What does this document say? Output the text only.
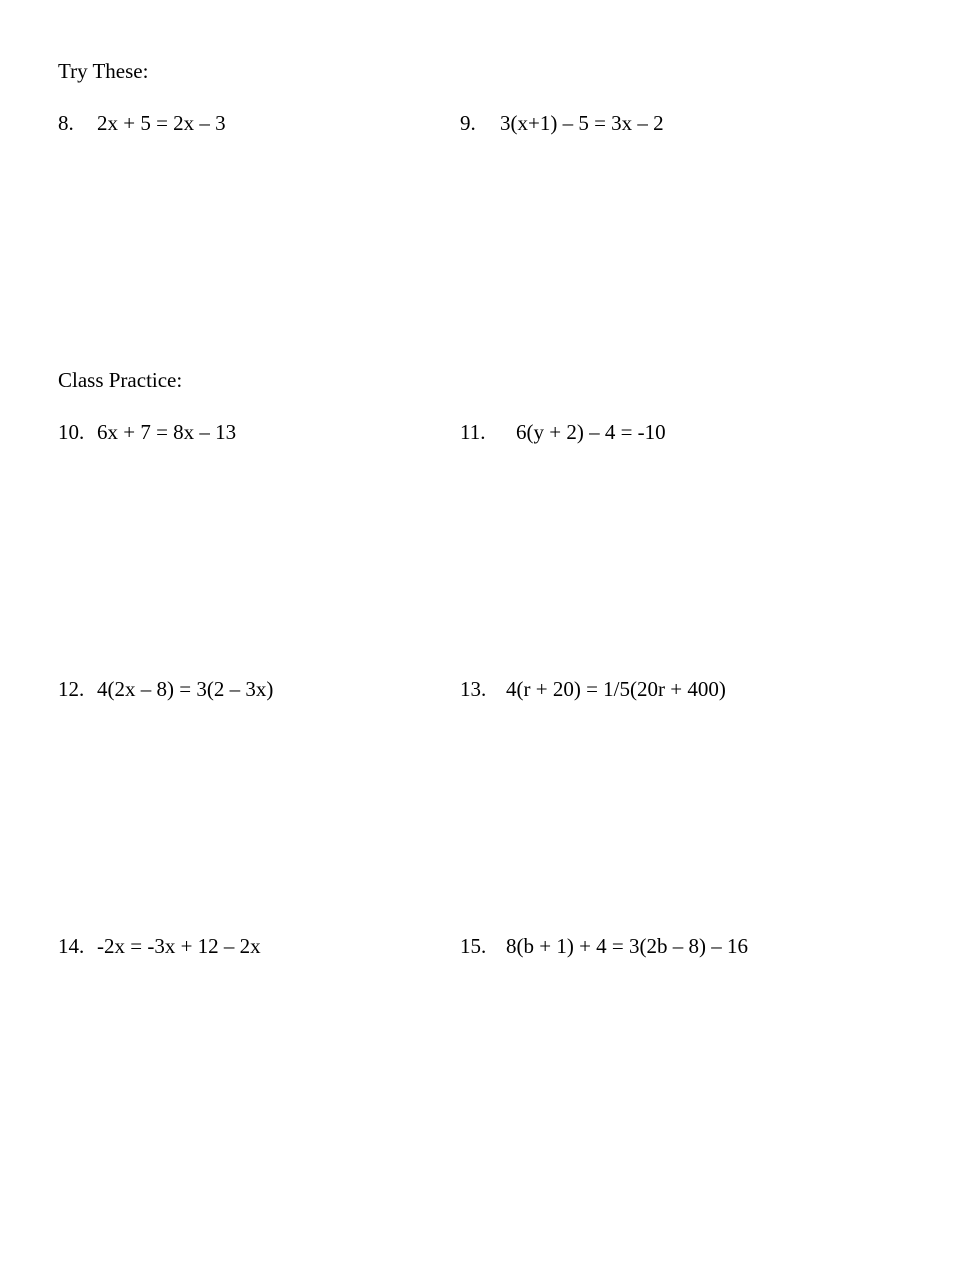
Try These:
8.	2x + 5 = 2x – 3	9.	3(x+1) – 5 = 3x – 2
Class Practice:
10. 6x + 7 = 8x – 13	11.	6(y + 2) – 4 = -10
12. 4(2x – 8) = 3(2 – 3x)	13. 4(r + 20) = 1/5(20r + 400)
14. -2x = -3x + 12 – 2x	15. 8(b + 1) + 4 = 3(2b – 8) – 16
